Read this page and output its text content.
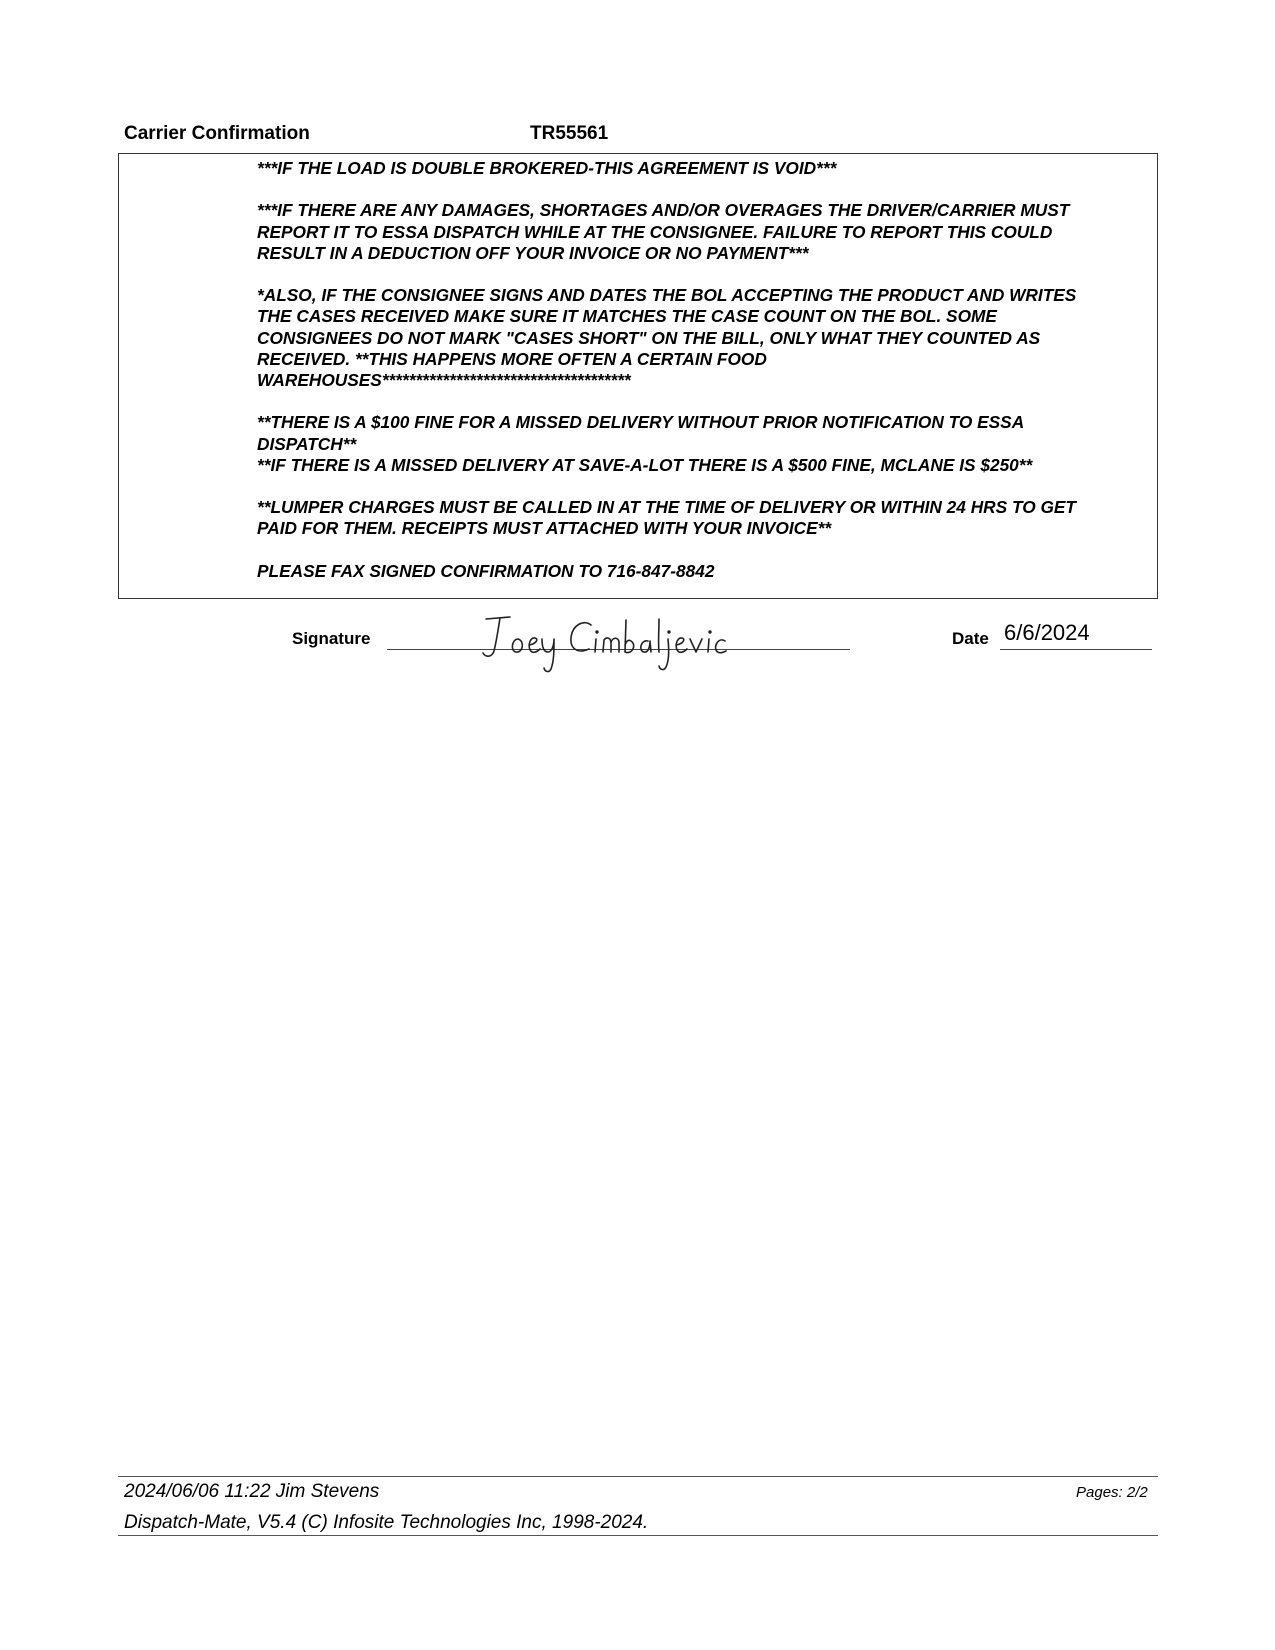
Carrier Confirmation	TR55561

***IF THE LOAD IS DOUBLE BROKERED-THIS AGREEMENT IS VOID***

***IF THERE ARE ANY DAMAGES, SHORTAGES AND/OR OVERAGES THE DRIVER/CARRIER MUST
REPORT IT TO ESSA DISPATCH WHILE AT THE CONSIGNEE. FAILURE TO REPORT THIS COULD
RESULT IN A DEDUCTION OFF YOUR INVOICE OR NO PAYMENT***

*ALSO, IF THE CONSIGNEE SIGNS AND DATES THE BOL ACCEPTING THE PRODUCT AND WRITES
THE CASES RECEIVED MAKE SURE IT MATCHES THE CASE COUNT ON THE BOL. SOME
CONSIGNEES DO NOT MARK "CASES SHORT" ON THE BILL, ONLY WHAT THEY COUNTED AS
RECEIVED. **THIS HAPPENS MORE OFTEN A CERTAIN FOOD
WAREHOUSES*************************************

**THERE IS A $100 FINE FOR A MISSED DELIVERY WITHOUT PRIOR NOTIFICATION TO ESSA
DISPATCH**
**IF THERE IS A MISSED DELIVERY AT SAVE-A-LOT THERE IS A $500 FINE, MCLANE IS $250**

**LUMPER CHARGES MUST BE CALLED IN AT THE TIME OF DELIVERY OR WITHIN 24 HRS TO GET
PAID FOR THEM. RECEIPTS MUST ATTACHED WITH YOUR INVOICE**

PLEASE FAX SIGNED CONFIRMATION TO 716-847-8842

Signature	Date 6/6/2024
2024/06/06 11:22 Jim Stevens	Pages: 2/2
Dispatch-Mate, V5.4 (C) Infosite Technologies Inc, 1998-2024.
